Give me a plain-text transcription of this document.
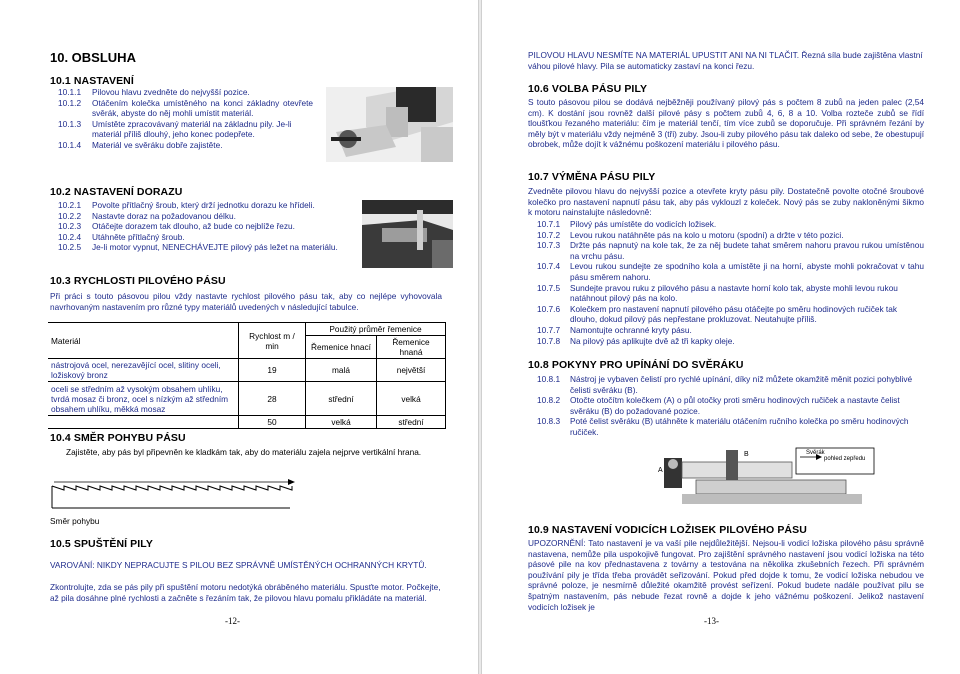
10. OBSLUHA
10.1 NASTAVENÍ
10.1.1	Pilovou hlavu zvedněte do nejvyšší pozice.
10.1.2	Otáčením kolečka umístěného na konci základny otevřete svěrák, abyste do něj mohli umístit materiál.
10.1.3	Umístěte zpracovávaný materiál na základnu pily. Je-li materiál příliš dlouhý, jeho konec podepřete.
10.1.4	Materiál ve svěráku dobře zajistěte.
10.2 NASTAVENÍ DORAZU
10.2.1	Povolte přítlačný šroub, který drží jednotku dorazu ke hřídeli.
10.2.2	Nastavte doraz na požadovanou délku.
10.2.3	Otáčejte dorazem tak dlouho, až bude co nejblíže řezu.
10.2.4	Utáhněte přítlačný šroub.
10.2.5	Je-li motor vypnut, NENECHÁVEJTE pilový pás ležet na materiálu.
10.3 RYCHLOSTI PILOVÉHO PÁSU
Při práci s touto pásovou pilou vždy nastavte rychlost pilového pásu tak, aby co nejlépe vyhovovala navrhovaným nastavením pro různé typy materiálů uvedených v následující tabulce.
Materiál	Rychlost m / min	Použitý průměr řemenice	
		Řemenice hnací	Řemenice hnaná
nástrojová ocel, nerezavějící ocel, slitiny oceli, ložiskový bronz	19	malá	největší
oceli se středním až vysokým obsahem uhlíku, tvrdá mosaz či bronz, ocel s nízkým až středním obsahem uhlíku, měkká mosaz	28	střední	velká
	50	velká	střední
10.4 SMĚR POHYBU PÁSU
Zajistěte, aby pás byl připevněn ke kladkám tak, aby do materiálu zajela nejprve vertikální hrana.
Směr pohybu
10.5 SPUŠTĚNÍ PILY
VAROVÁNÍ: NIKDY NEPRACUJTE S PILOU BEZ SPRÁVNĚ UMÍSTĚNÝCH OCHRANNÝCH KRYTŮ.
Zkontrolujte, zda se pás pily při spuštění motoru nedotýká obráběného materiálu. Spusťte motor. Počkejte, až pila dosáhne plné rychlosti a začněte s řezáním tak, že pilovou hlavu pomalu přikládáte na materiál.
-12-
PILOVOU HLAVU NESMÍTE NA MATERIÁL UPUSTIT ANI NA NI TLAČIT. Řezná síla bude zajištěna vlastní váhou pilové hlavy. Pila se automaticky zastaví na konci řezu.
10.6 VOLBA PÁSU PILY
S touto pásovou pilou se dodává nejběžněji používaný pilový pás s počtem 8 zubů na jeden palec (2,54 cm). K dostání jsou rovněž další pilové pásy s počtem zubů 4, 6, 8 a 10. Volba rozteče zubů se řídí tloušťkou řezaného materiálu: čím je materiál tenčí, tím více zubů se doporučuje. Při správném řezání by měly být v materiálu vždy nejméně 3 (tři) zuby. Jsou-li zuby pilového pásu tak daleko od sebe, že obestupují obrobek, může dojít k vážnému poškození materiálu i pilového pásu.
10.7 VÝMĚNA PÁSU PILY
Zvedněte pilovou hlavu do nejvyšší pozice a otevřete kryty pásu pily. Dostatečně povolte otočné šroubové kolečko pro nastavení napnutí pásu tak, aby pás vyklouzl z koleček. Nový pás se zuby nakloněnými šikmo k motoru nainstalujte následovně:
10.7.1	Pilový pás umístěte do vodicích ložisek.
10.7.2	Levou rukou natáhněte pás na kolo u motoru (spodní) a držte v této pozici.
10.7.3	Držte pás napnutý na kole tak, že za něj budete tahat směrem nahoru pravou rukou umístěnou na vrchu pásu.
10.7.4	Levou rukou sundejte ze spodního kola a umístěte ji na horní, abyste mohli pokračovat v tahu pásu směrem nahoru.
10.7.5	Sundejte pravou ruku z pilového pásu a nastavte horní kolo tak, abyste mohli levou rukou natáhnout pilový pás na kolo.
10.7.6	Kolečkem pro nastavení napnutí pilového pásu otáčejte po směru hodinových ručiček tak dlouho, dokud pilový pás nepřestane prokluzovat. Neutahujte příliš.
10.7.7	Namontujte ochranné kryty pásu.
10.7.8	Na pilový pás aplikujte dvě až tři kapky oleje.
10.8 POKYNY PRO UPÍNÁNÍ DO SVĚRÁKU
10.8.1	Nástroj je vybaven čelistí pro rychlé upínání, díky níž můžete okamžitě měnit pozici pohyblivé čelisti svěráku (B).
10.8.2	Otočte otočítm kolečkem (A) o půl otočky proti směru hodinových ručiček a nastavte čelist svěráku (B) do požadované pozice.
10.8.3	Poté čelist svěráku (B) utáhněte k materiálu otáčením ručního kolečka po směru hodinových ručiček.
Svěrák
pohled zepředu
A
B
10.9 NASTAVENÍ VODICÍCH LOŽISEK PILOVÉHO PÁSU
UPOZORNĚNÍ: Tato nastavení je va vaší pile nejdůležitější. Nejsou-li vodicí ložiska pilového pásu správně nastavena, nemůže pila uspokojivě fungovat. Pro zajištění správného nastavení jsou vodicí ložiska na této pásové pile na kov přednastavena z továrny a testována na několika zkušebních řezech. Při správném používání pily je třída třeba provádět seřizování. Pokud před dojde k tomu, že vodicí ložiska nebudou ve správné poloze, je nesmírně důležité okamžitě provést seřízení. Pokud budete nadále používat pilu se špatným nastavením, pás nebude řezat rovně a dojde k jeho vážnému poškození. Jelikož nastavení vodicích ložisek je
-13-
